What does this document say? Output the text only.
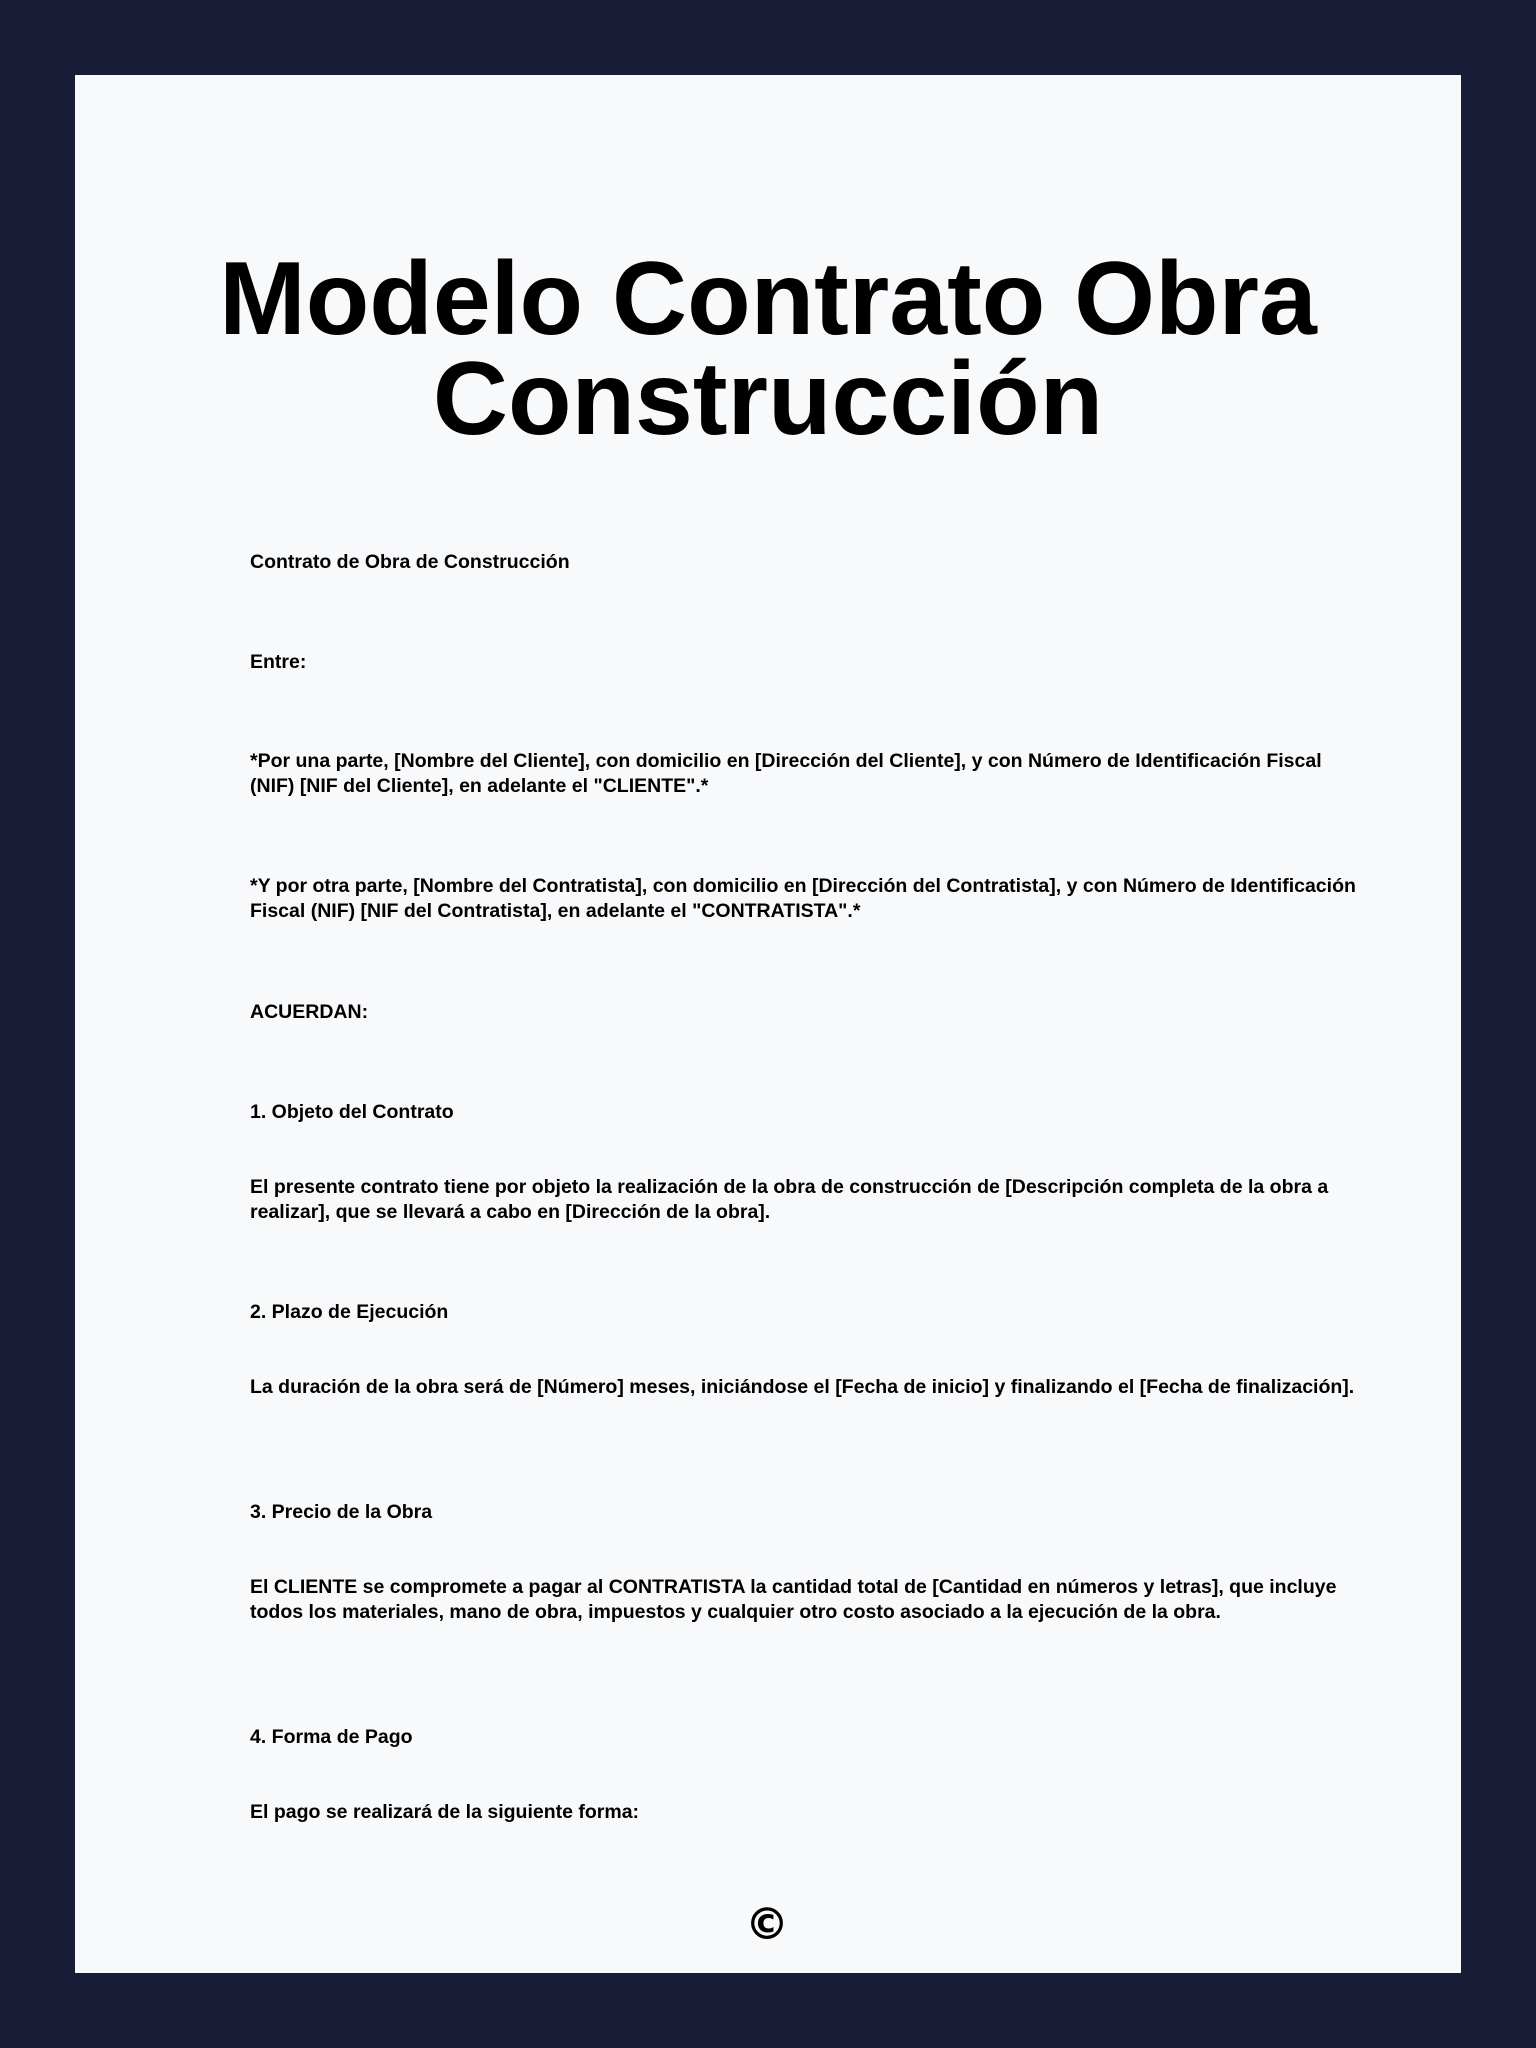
Modelo Contrato Obra
Construcción

Contrato de Obra de Construcción

Entre:

*Por una parte, [Nombre del Cliente], con domicilio en [Dirección del Cliente], y con Número de Identificación Fiscal (NIF) [NIF del Cliente], en adelante el "CLIENTE".*

*Y por otra parte, [Nombre del Contratista], con domicilio en [Dirección del Contratista], y con Número de Identificación Fiscal (NIF) [NIF del Contratista], en adelante el "CONTRATISTA".*

ACUERDAN:

1. Objeto del Contrato

El presente contrato tiene por objeto la realización de la obra de construcción de [Descripción completa de la obra a realizar], que se llevará a cabo en [Dirección de la obra].

2. Plazo de Ejecución

La duración de la obra será de [Número] meses, iniciándose el [Fecha de inicio] y finalizando el [Fecha de finalización].

3. Precio de la Obra

El CLIENTE se compromete a pagar al CONTRATISTA la cantidad total de [Cantidad en números y letras], que incluye todos los materiales, mano de obra, impuestos y cualquier otro costo asociado a la ejecución de la obra.

4. Forma de Pago

El pago se realizará de la siguiente forma:

©
